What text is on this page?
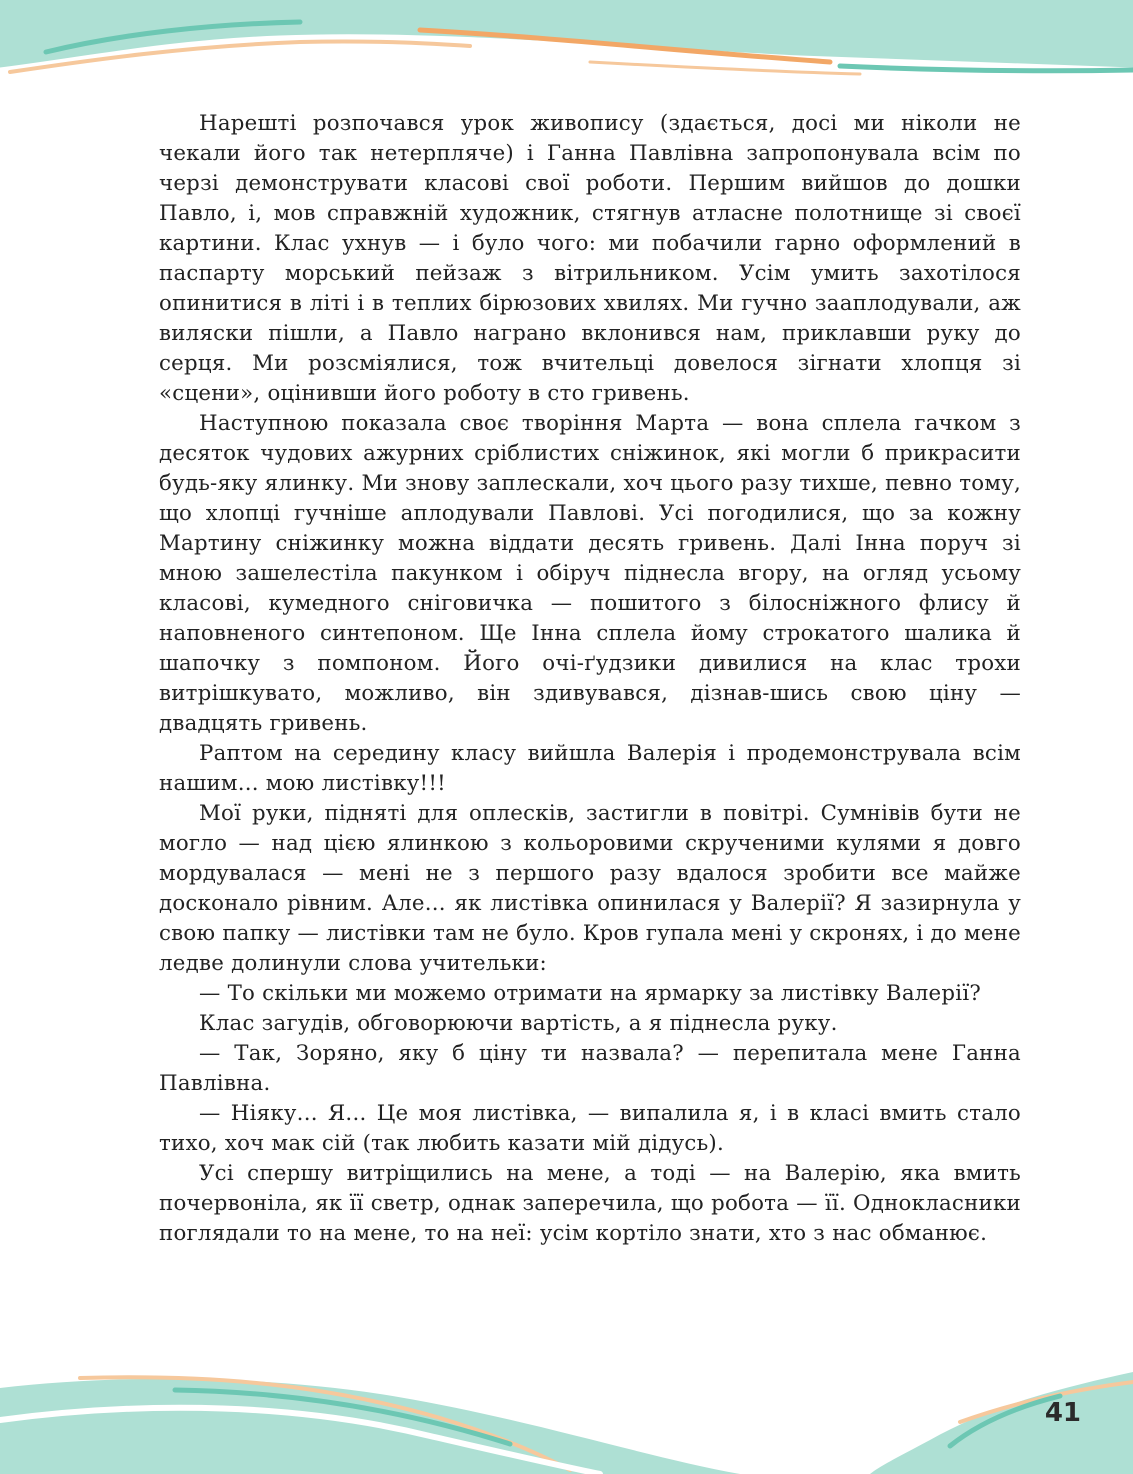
Нарешті розпочався урок живопису (здається, досі ми ніколи не чекали його так нетерпляче) і Ганна Павлівна запропонувала всім по черзі демонструвати класові свої роботи. Першим вийшов до дошки Павло, і, мов справжній художник, стягнув атласне полотнище зі своєї картини. Клас ухнув — і було чого: ми побачили гарно оформлений в паспарту морський пейзаж з вітрильником. Усім умить захотілося опинитися в літі і в теплих бірюзових хвилях. Ми гучно зааплодували, аж виляски пішли, а Павло награно вклонився нам, приклавши руку до серця. Ми розсміялися, тож вчительці довелося зігнати хлопця зі «сцени», оцінивши його роботу в сто гривень.

Наступною показала своє творіння Марта — вона сплела гачком з десяток чудових ажурних сріблистих сніжинок, які могли б прикрасити будь-яку ялинку. Ми знову заплескали, хоч цього разу тихше, певно тому, що хлопці гучніше аплодували Павлові. Усі погодилися, що за кожну Мартину сніжинку можна віддати десять гривень. Далі Інна поруч зі мною зашелестіла пакунком і обіруч піднесла вгору, на огляд усьому класові, кумедного сніговичка — пошитого з білосніжного флису й наповненого синтепоном. Ще Інна сплела йому строкатого шалика й шапочку з помпоном. Його очі-ґудзики дивилися на клас трохи витрішкувато, можливо, він здивувався, дізнав-шись свою ціну — двадцять гривень.

Раптом на середину класу вийшла Валерія і продемонструвала всім нашим... мою листівку!!!

Мої руки, підняті для оплесків, застигли в повітрі. Сумнівів бути не могло — над цією ялинкою з кольоровими скрученими кулями я довго мордувалася — мені не з першого разу вдалося зробити все майже досконало рівним. Але... як листівка опинилася у Валерії? Я зазирнула у свою папку — листівки там не було. Кров гупала мені у скронях, і до мене ледве долинули слова учительки:

— То скільки ми можемо отримати на ярмарку за листівку Валерії?

Клас загудів, обговорюючи вартість, а я піднесла руку.

— Так, Зоряно, яку б ціну ти назвала? — перепитала мене Ганна Павлівна.

— Ніяку... Я... Це моя листівка, — випалила я, і в класі вмить стало тихо, хоч мак сій (так любить казати мій дідусь).

Усі спершу витріщились на мене, а тоді — на Валерію, яка вмить почервоніла, як її светр, однак заперечила, що робота — її. Однокласники поглядали то на мене, то на неї: усім кортіло знати, хто з нас обманює.

41
